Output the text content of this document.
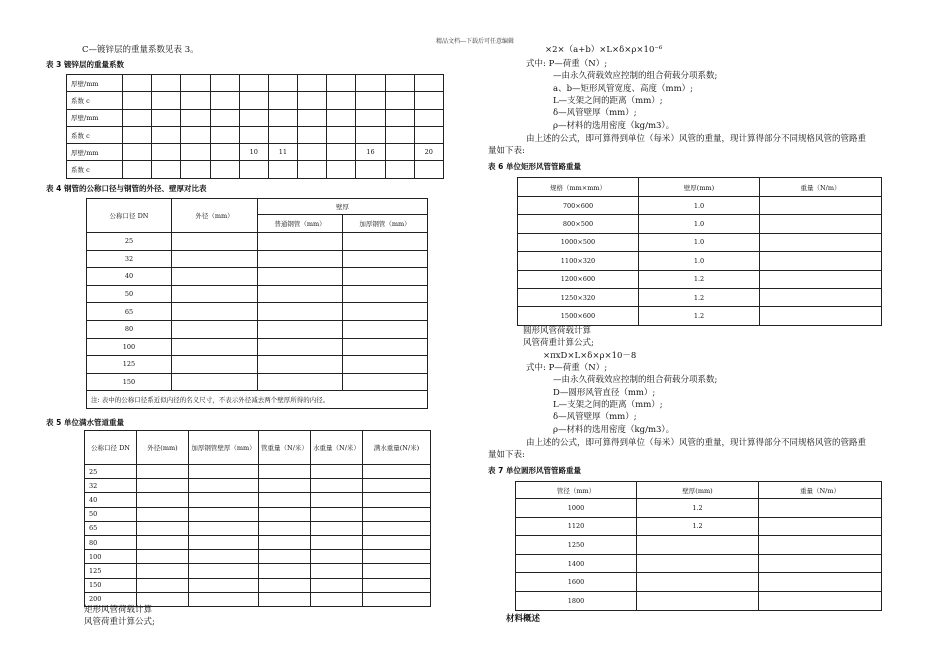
精品文档---下载后可任意编辑
C—镀锌层的重量系数见表 3。
表 3 镀锌层的重量系数
厚壁/mm											
系数 c											
厚壁/mm											
系数 c											
厚壁/mm					10	11			16		20
系数 c											
表 4 钢管的公称口径与钢管的外径、壁厚对比表
公称口径 DN	外径（mm）	壁厚	
		普通钢管（mm）	加厚钢管（mm）
25			
32			
40			
50			
65			
80			
100			
125			
150			
注: 表中的公称口径系近似内径的名义尺寸，不表示外径减去两个壁厚所得的内径。			
表 5 单位满水管道重量
公称口径 DN	外径(mm)	加厚钢管壁厚（mm）	管重量（N/米）	水重量（N/米）	满水重量(N/米)
25					
32					
40					
50					
65					
80					
100					
125					
150					
200					
矩形风管荷载计算
风管荷重计算公式;
×2×（a+b）×L×δ×ρ×10⁻⁶
式中: P—荷重（N）;
—由永久荷载效应控制的组合荷载分项系数;
a、b—矩形风管宽度、高度（mm）;
L—支架之间的距离（mm）;
δ—风管壁厚（mm）;
ρ—材料的选用密度（kg/m3）。
由上述的公式，即可算得到单位（每米）风管的重量，现计算得部分不同规格风管的管路重
量如下表:
表 6 单位矩形风管管路重量
规格（mm×mm）	壁厚(mm)	重量（N/m）
700×600	1.0	
800×500	1.0	
1000×500	1.0	
1100×320	1.0	
1200×600	1.2	
1250×320	1.2	
1500×600	1.2	
圆形风管荷载计算
风管荷重计算公式;
×πxD×L×δ×ρ×10－8
式中: P—荷重（N）;
—由永久荷载效应控制的组合荷载分项系数;
D—圆形风管直径（mm）;
L—支架之间的距离（mm）;
δ—风管壁厚（mm）;
ρ—材料的选用密度（kg/m3）。
由上述的公式，即可算得到单位（每米）风管的重量，现计算得部分不同规格风管的管路重
量如下表:
表 7 单位圆形风管管路重量
管径（mm）	壁厚(mm)	重量（N/m）
1000	1.2	
1120	1.2	
1250		
1400		
1600		
1800		
材料概述
